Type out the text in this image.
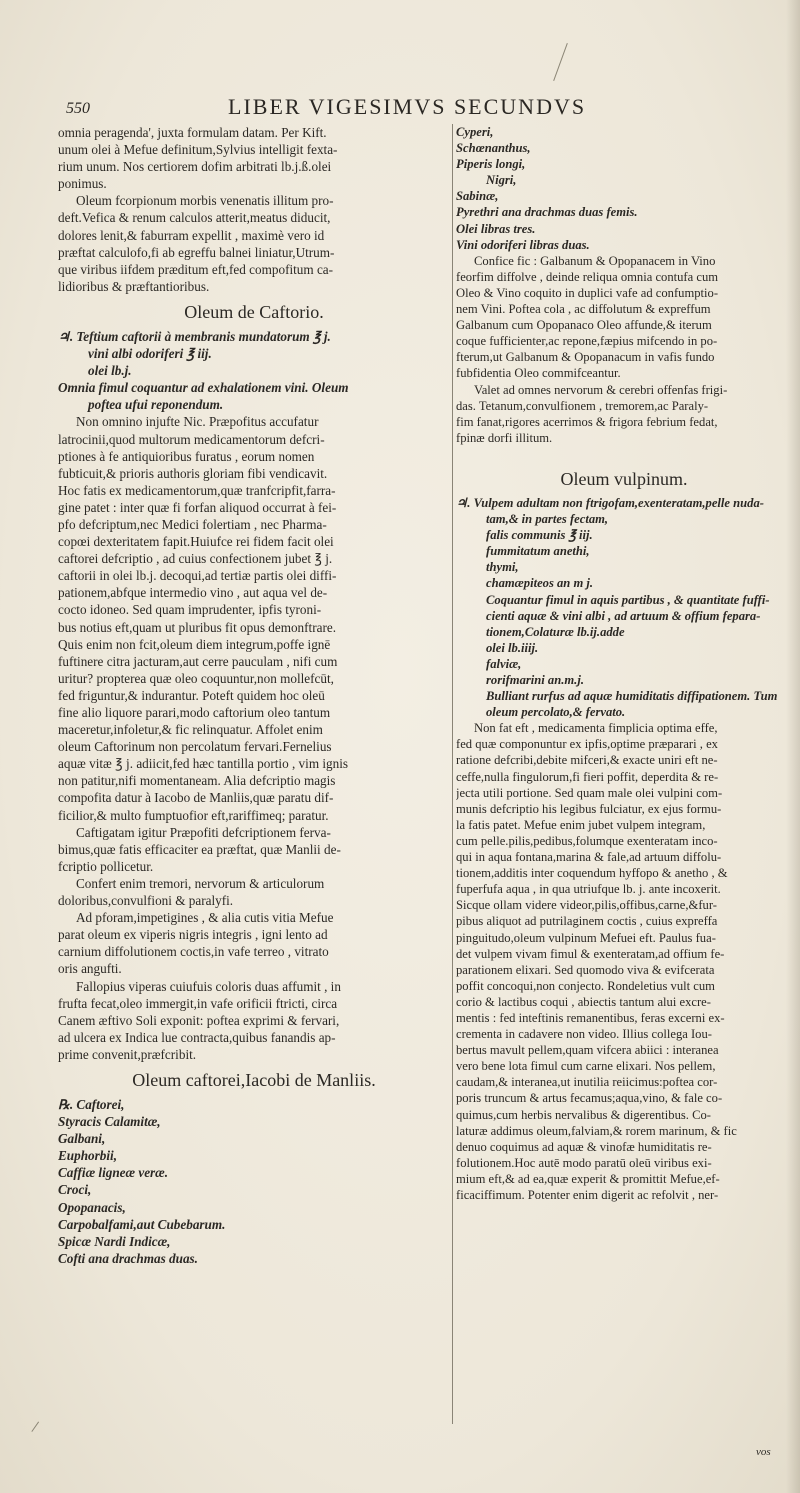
550	LIBER VIGESIMVS SECUNDVS
omnia peragenda', juxta formulam datam. Per Kift.
unum olei à Mefue definitum,Sylvius intelligit fexta-
rium unum. Nos certiorem dofim arbitrati lb.j.ß.olei
ponimus.
Oleum fcorpionum morbis venenatis illitum pro-
deft.Vefica & renum calculos atterit,meatus diducit,
dolores lenit,& faburram expellit , maximè vero id
præftat calculofo,fi ab egreffu balnei liniatur,Utrum-
que viribus iifdem præditum eft,fed compofitum ca-
lidioribus & præftantioribus.
Oleum de Caftorio.
♃. Teftium caftorii à membranis mundatorum ℥ j.
vini albi odoriferi ℥ iij.
olei lb.j.
Omnia fimul coquantur ad exhalationem vini. Oleum
poftea ufui reponendum.
Non omnino injufte Nic. Præpofitus accufatur
latrocinii,quod multorum medicamentorum defcri-
ptiones à fe antiquioribus furatus , eorum nomen
fubticuit,& prioris authoris gloriam fibi vendicavit.
Hoc fatis ex medicamentorum,quæ tranfcripfit,farra-
gine patet : inter quæ fi forfan aliquod occurrat à fei-
pfo defcriptum,nec Medici folertiam , nec Pharma-
copœi dexteritatem fapit.Huiufce rei fidem facit olei
caftorei defcriptio , ad cuius confectionem jubet ℥ j.
caftorii in olei lb.j. decoqui,ad tertiæ partis olei diffi-
pationem,abfque intermedio vino , aut aqua vel de-
cocto idoneo. Sed quam imprudenter, ipfis tyroni-
bus notius eft,quam ut pluribus fit opus demonftrare.
Quis enim non fcit,oleum diem integrum,poffe ignē
fuftinere citra jacturam,aut cerre pauculam , nifi cum
uritur? propterea quæ oleo coquuntur,non mollefcūt,
fed friguntur,& indurantur. Poteft quidem hoc oleū
fine alio liquore parari,modo caftorium oleo tantum
maceretur,infoletur,& fic relinquatur. Affolet enim
oleum Caftorinum non percolatum fervari.Fernelius
aquæ vitæ ℥ j. adiicit,fed hæc tantilla portio , vim ignis
non patitur,nifi momentaneam. Alia defcriptio magis
compofita datur à Iacobo de Manliis,quæ paratu dif-
ficilior,& multo fumptuofior eft,rariffimeq; paratur.
Caftigatam igitur Præpofiti defcriptionem ferva-
bimus,quæ fatis efficaciter ea præftat, quæ Manlii de-
fcriptio pollicetur.
Confert enim tremori, nervorum & articulorum
doloribus,convulfioni & paralyfi.
Ad pforam,impetigines , & alia cutis vitia Mefue
parat oleum ex viperis nigris integris , igni lento ad
carnium diffolutionem coctis,in vafe terreo , vitrato
oris angufti.
Fallopius viperas cuiufuis coloris duas affumit , in
frufta fecat,oleo immergit,in vafe orificii ftricti, circa
Canem æftivo Soli exponit: poftea exprimi & fervari,
ad ulcera ex Indica lue contracta,quibus fanandis ap-
prime convenit,præfcribit.
Oleum caftorei,Iacobi de Manliis.
℞. Caftorei,
Styracis Calamitæ,
Galbani,
Euphorbii,
Caffiæ ligneæ veræ.
Croci,
Opopanacis,
Carpobalfami,aut Cubebarum.
Spicæ Nardi Indicæ,
Cofti ana drachmas duas.
Cyperi,
Schœnanthus,
Piperis longi,
Nigri,
Sabinæ,
Pyrethri ana drachmas duas femis.
Olei libras tres.
Vini odoriferi libras duas.
Confice fic : Galbanum & Opopanacem in Vino
feorfim diffolve , deinde reliqua omnia contufa cum
Oleo & Vino coquito in duplici vafe ad confumptio-
nem Vini. Poftea cola , ac diffolutum & expreffum
Galbanum cum Opopanaco Oleo affunde,& iterum
coque fufficienter,ac repone,fæpius mifcendo in po-
fterum,ut Galbanum & Opopanacum in vafis fundo
fubfidentia Oleo commifceantur.
Valet ad omnes nervorum & cerebri offenfas frigi-
das. Tetanum,convulfionem , tremorem,ac Paraly-
fim fanat,rigores acerrimos & frigora febrium fedat,
fpinæ dorfi illitum.
Oleum vulpinum.
♃. Vulpem adultam non ftrigofam,exenteratam,pelle nuda-
tam,& in partes fectam,
falis communis ℥ iij.
fummitatum anethi,
thymi,
chamæpiteos an m j.
Coquantur fimul in aquis partibus , & quantitate fuffi-
cienti aquæ & vini albi , ad artuum & offium fepara-
tionem,Colaturæ lb.ij.adde
olei lb.iiij.
falviæ,
rorifmarini an.m.j.
Bulliant rurfus ad aquæ humiditatis diffipationem. Tum
oleum percolato,& fervato.
Non fat eft , medicamenta fimplicia optima effe,
fed quæ componuntur ex ipfis,optime præparari , ex
ratione defcribi,debite mifceri,& exacte uniri eft ne-
ceffe,nulla fingulorum,fi fieri poffit, deperdita & re-
jecta utili portione. Sed quam male olei vulpini com-
munis defcriptio his legibus fulciatur, ex ejus formu-
la fatis patet. Mefue enim jubet vulpem integram,
cum pelle.pilis,pedibus,folumque exenteratam inco-
qui in aqua fontana,marina & fale,ad artuum diffolu-
tionem,additis inter coquendum hyffopo & anetho , &
fuperfufa aqua , in qua utriufque lb. j. ante incoxerit.
Sicque ollam videre videor,pilis,offibus,carne,&fur-
pibus aliquot ad putrilaginem coctis , cuius expreffa
pinguitudo,oleum vulpinum Mefuei eft. Paulus fua-
det vulpem vivam fimul & exenteratam,ad offium fe-
parationem elixari. Sed quomodo viva & evifcerata
poffit concoqui,non conjecto. Rondeletius vult cum
corio & lactibus coqui , abiectis tantum alui excre-
mentis : fed inteftinis remanentibus, feras excerni ex-
crementa in cadavere non video. Illius collega Iou-
bertus mavult pellem,quam vifcera abiici : interanea
vero bene lota fimul cum carne elixari. Nos pellem,
caudam,& interanea,ut inutilia reiicimus:poftea cor-
poris truncum & artus fecamus;aqua,vino, & fale co-
quimus,cum herbis nervalibus & digerentibus. Co-
laturæ addimus oleum,falviam,& rorem marinum, & fic
denuo coquimus ad aquæ & vinofæ humiditatis re-
folutionem.Hoc autē modo paratū oleū viribus exi-
mium eft,& ad ea,quæ experit & promittit Mefue,ef-
ficaciffimum. Potenter enim digerit ac refolvit , ner-
vos
